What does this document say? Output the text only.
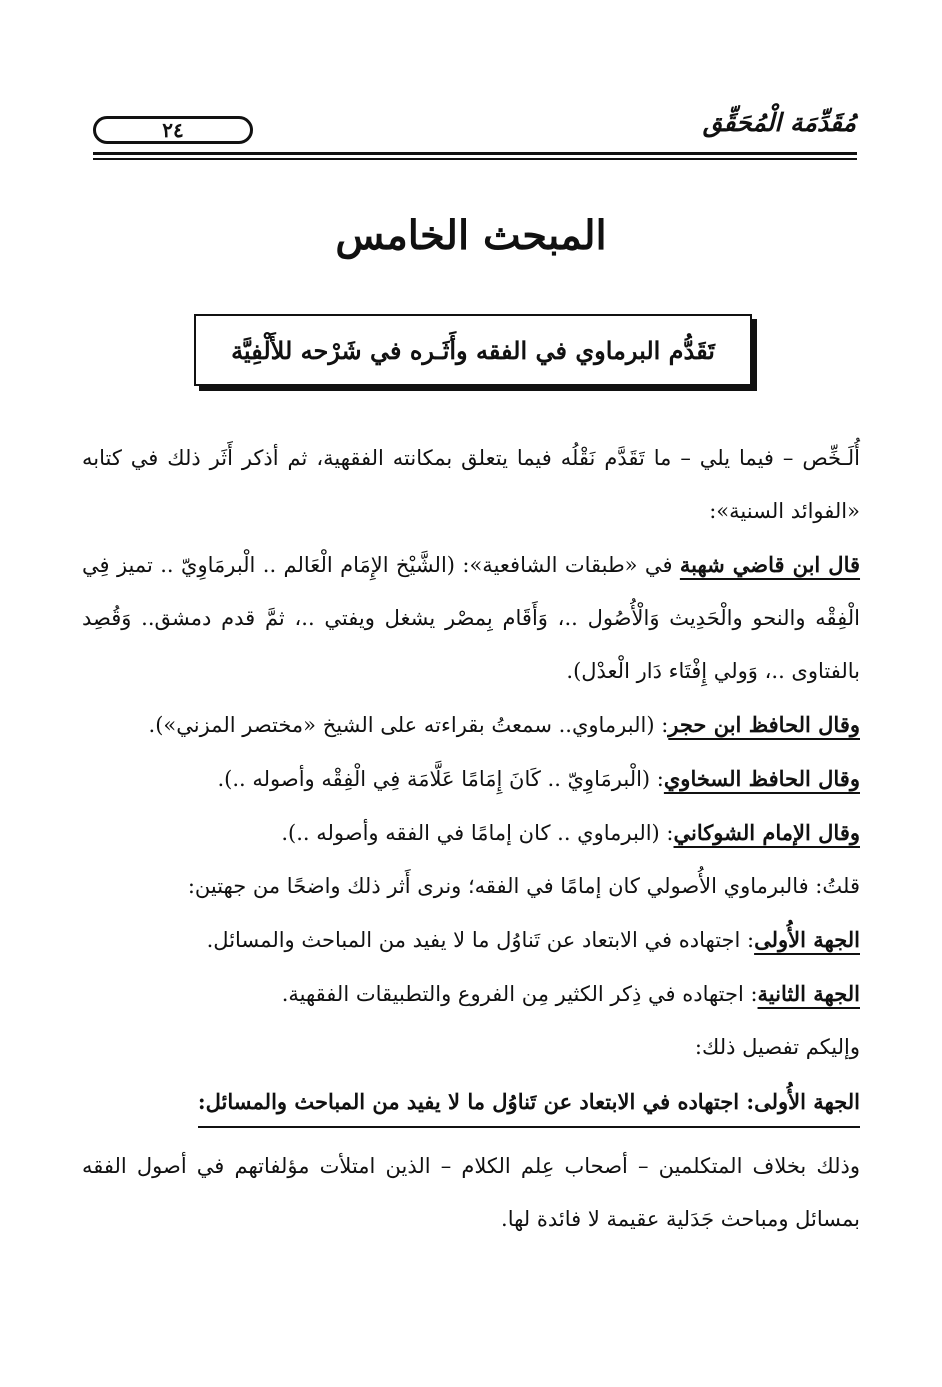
مُقَدِّمَة الْمُحَقِّق
٢٤
المبحث الخامس
تَقَدُّم البرماوي في الفقه وأَثَـره في شَرْحه للأَلْفِيَّة

أُلَـخِّص – فيما يلي – ما تَقَدَّم نَقْلُه فيما يتعلق بمكانته الفقهية، ثم أذكر أَثَر ذلك في كتابه «الفوائد السنية»:

قال ابن قاضي شهبة في «طبقات الشافعية»: (الشَّيْخ الإِمَام الْعَالم .. الْبرمَاوِيّ .. تميز فِي الْفِقْه والنحو والْحَدِيث وَالْأُصُول ..، وَأَقَام بِمصْر يشغل ويفتي ..، ثمَّ قدم دمشق.. وَقُصِد بالفتاوى ..، وَولي إِفْتَاء دَار الْعدْل).

وقال الحافظ ابن حجر: (البرماوي.. سمعتُ بقراءته على الشيخ «مختصر المزني»).

وقال الحافظ السخاوي: (الْبرمَاوِيّ .. كَانَ إِمَامًا عَلَّامَة فِي الْفِقْه وأصوله ..).

وقال الإمام الشوكاني: (البرماوي .. كان إمامًا في الفقه وأصوله ..).

قلتُ: فالبرماوي الأُصولي كان إمامًا في الفقه؛ ونرى أَثر ذلك واضحًا من جهتين:

الجهة الأُولى: اجتهاده في الابتعاد عن تَناوُل ما لا يفيد من المباحث والمسائل.

الجهة الثانية: اجتهاده في ذِكر الكثير مِن الفروع والتطبيقات الفقهية.

وإليكم تفصيل ذلك:

الجهة الأُولى: اجتهاده في الابتعاد عن تَناوُل ما لا يفيد من المباحث والمسائل:

وذلك بخلاف المتكلمين – أصحاب عِلم الكلام – الذين امتلأت مؤلفاتهم في أصول الفقه بمسائل ومباحث جَدَلية عقيمة لا فائدة لها.
